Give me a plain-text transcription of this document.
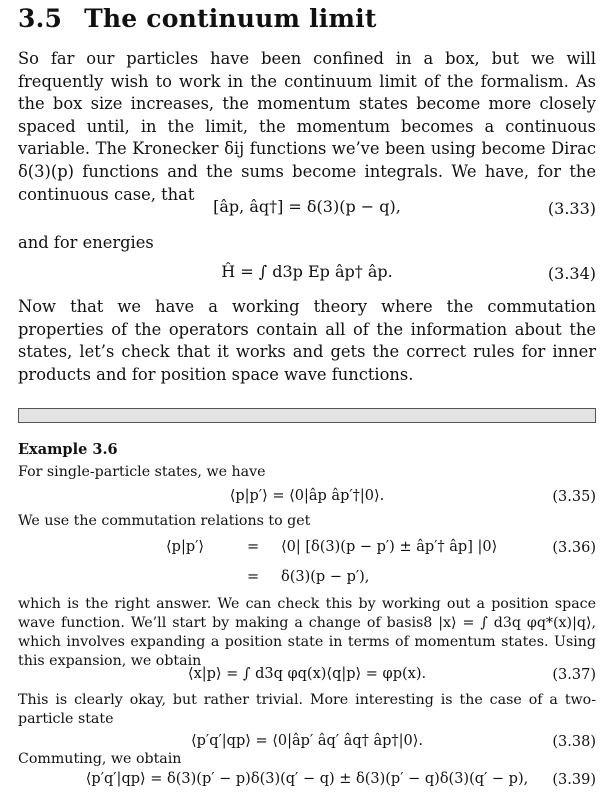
3.5 The continuum limit

So far our particles have been confined in a box, but we will frequently wish to work in the continuum limit of the formalism. As the box size increases, the momentum states become more closely spaced until, in the limit, the momentum becomes a continuous variable. The Kronecker δij functions we’ve been using become Dirac δ(3)(p) functions and the sums become integrals. We have, for the continuous case, that

[âp, âq†] = δ(3)(p − q),	(3.33)
and for energies
Ĥ = ∫ d3p Ep âp† âp.	(3.34)

Now that we have a working theory where the commutation properties of the operators contain all of the information about the states, let’s check that it works and gets the correct rules for inner products and for position space wave functions.

Example 3.6
For single-particle states, we have
⟨p|p′⟩ = ⟨0|âp âp′†|0⟩.	(3.35)
We use the commutation relations to get
⟨p|p′⟩	= ⟨0| [δ(3)(p − p′) ± âp′† âp] |0⟩	(3.36)
= δ(3)(p − p′),

which is the right answer. We can check this by working out a position space wave function. We’ll start by making a change of basis8 |x⟩ = ∫ d3q φq*(x)|q⟩, which involves expanding a position state in terms of momentum states. Using this expansion, we obtain

⟨x|p⟩ = ∫ d3q φq(x)⟨q|p⟩ = φp(x).	(3.37)

This is clearly okay, but rather trivial. More interesting is the case of a two-particle state

⟨p′q′|qp⟩ = ⟨0|âp′ âq′ âq† âp†|0⟩.	(3.38)
Commuting, we obtain
⟨p′q′|qp⟩ = δ(3)(p′ − p)δ(3)(q′ − q) ± δ(3)(p′ − q)δ(3)(q′ − p),	(3.39)
